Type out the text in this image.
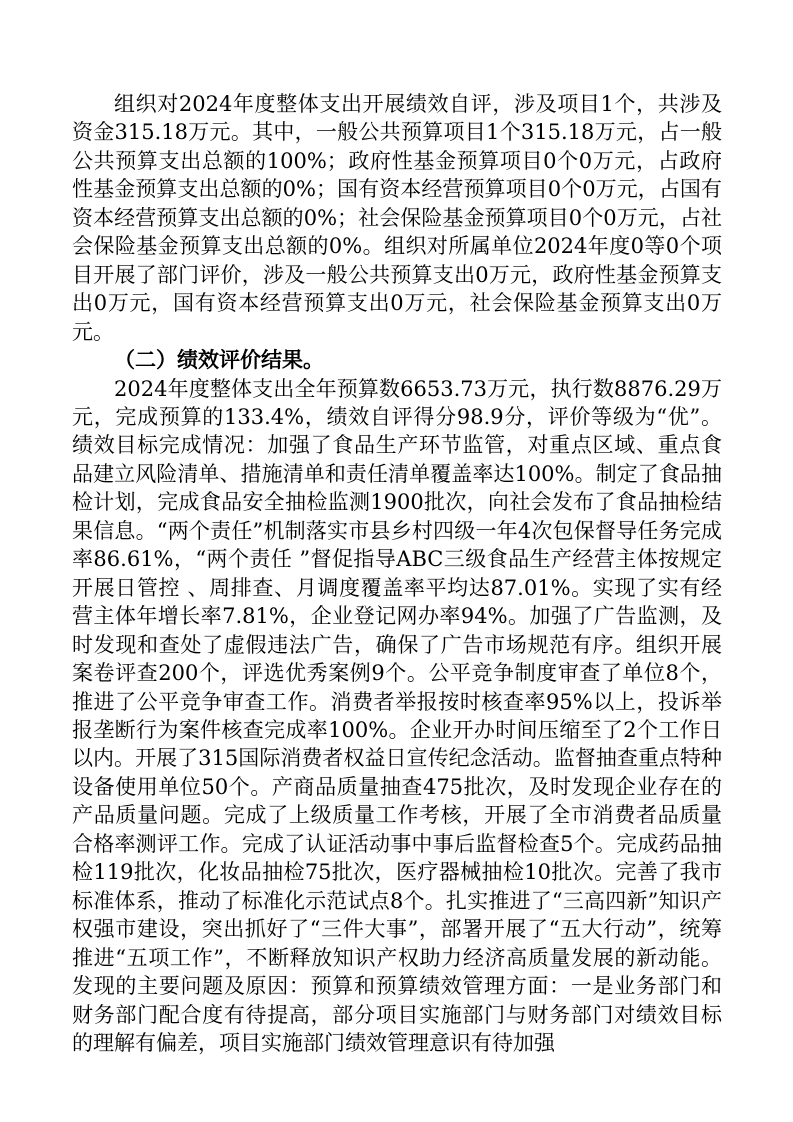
组织对2024年度整体支出开展绩效自评，涉及项目1个，共涉及资金315.18万元。其中，一般公共预算项目1个315.18万元，占一般公共预算支出总额的100%；政府性基金预算项目0个0万元，占政府性基金预算支出总额的0%；国有资本经营预算项目0个0万元，占国有资本经营预算支出总额的0%；社会保险基金预算项目0个0万元，占社会保险基金预算支出总额的0%。组织对所属单位2024年度0等0个项目开展了部门评价，涉及一般公共预算支出0万元，政府性基金预算支出0万元，国有资本经营预算支出0万元，社会保险基金预算支出0万元。

（二）绩效评价结果。

2024年度整体支出全年预算数6653.73万元，执行数8876.29万元，完成预算的133.4%，绩效自评得分98.9分，评价等级为“优”。绩效目标完成情况：加强了食品生产环节监管，对重点区域、重点食品建立风险清单、措施清单和责任清单覆盖率达100%。制定了食品抽检计划，完成食品安全抽检监测1900批次，向社会发布了食品抽检结果信息。“两个责任”机制落实市县乡村四级一年4次包保督导任务完成率86.61%，“两个责任 ”督促指导ABC三级食品生产经营主体按规定开展日管控 、周排查、月调度覆盖率平均达87.01%。实现了实有经营主体年增长率7.81%，企业登记网办率94%。加强了广告监测，及时发现和查处了虚假违法广告，确保了广告市场规范有序。组织开展案卷评查200个，评选优秀案例9个。公平竞争制度审查了单位8个，推进了公平竞争审查工作。消费者举报按时核查率95%以上，投诉举报垄断行为案件核查完成率100%。企业开办时间压缩至了2个工作日以内。开展了315国际消费者权益日宣传纪念活动。监督抽查重点特种设备使用单位50个。产商品质量抽查475批次，及时发现企业存在的产品质量问题。完成了上级质量工作考核，开展了全市消费者品质量合格率测评工作。完成了认证活动事中事后监督检查5个。完成药品抽检119批次，化妆品抽检75批次，医疗器械抽检10批次。完善了我市标准体系，推动了标准化示范试点8个。扎实推进了“三高四新”知识产权强市建设，突出抓好了“三件大事”，部署开展了“五大行动”，统筹推进“五项工作”，不断释放知识产权助力经济高质量发展的新动能。发现的主要问题及原因：预算和预算绩效管理方面：一是业务部门和财务部门配合度有待提高，部分项目实施部门与财务部门对绩效目标的理解有偏差，项目实施部门绩效管理意识有待加强
